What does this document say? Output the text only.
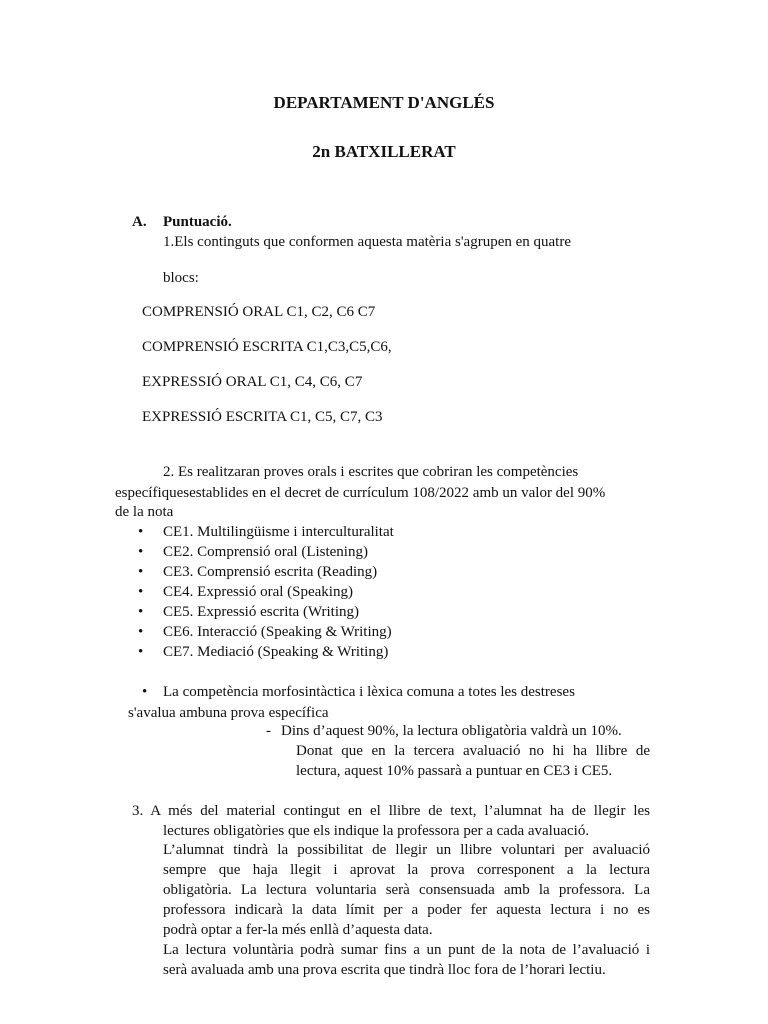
DEPARTAMENT D'ANGLÉS
2n BATXILLERAT
A. Puntuació.
1.Els continguts que conformen aquesta matèria s'agrupen en quatre
blocs:
COMPRENSIÓ ORAL C1, C2, C6 C7
COMPRENSIÓ ESCRITA C1,C3,C5,C6,
EXPRESSIÓ ORAL C1, C4, C6, C7
EXPRESSIÓ ESCRITA C1, C5, C7, C3
2. Es realitzaran proves orals i escrites que cobriran les competències
específiquesestablides en el decret de currículum 108/2022 amb un valor del 90%
de la nota
• CE1. Multilingüisme i interculturalitat
• CE2. Comprensió oral (Listening)
• CE3. Comprensió escrita (Reading)
• CE4. Expressió oral (Speaking)
• CE5. Expressió escrita (Writing)
• CE6. Interacció (Speaking & Writing)
• CE7. Mediació (Speaking & Writing)
• La competència morfosintàctica i lèxica comuna a totes les destreses
s'avalua ambuna prova específica
- Dins d’aquest 90%, la lectura obligatòria valdrà un 10%.
Donat que en la tercera avaluació no hi ha llibre de
lectura, aquest 10% passarà a puntuar en CE3 i CE5.
3. A més del material contingut en el llibre de text, l’alumnat ha de llegir les
lectures obligatòries que els indique la professora per a cada avaluació.
L’alumnat tindrà la possibilitat de llegir un llibre voluntari per avaluació
sempre que haja llegit i aprovat la prova corresponent a la lectura
obligatòria. La lectura voluntaria serà consensuada amb la professora. La
professora indicarà la data límit per a poder fer aquesta lectura i no es
podrà optar a fer-la més enllà d’aquesta data.
La lectura voluntària podrà sumar fins a un punt de la nota de l’avaluació i
serà avaluada amb una prova escrita que tindrà lloc fora de l’horari lectiu.
